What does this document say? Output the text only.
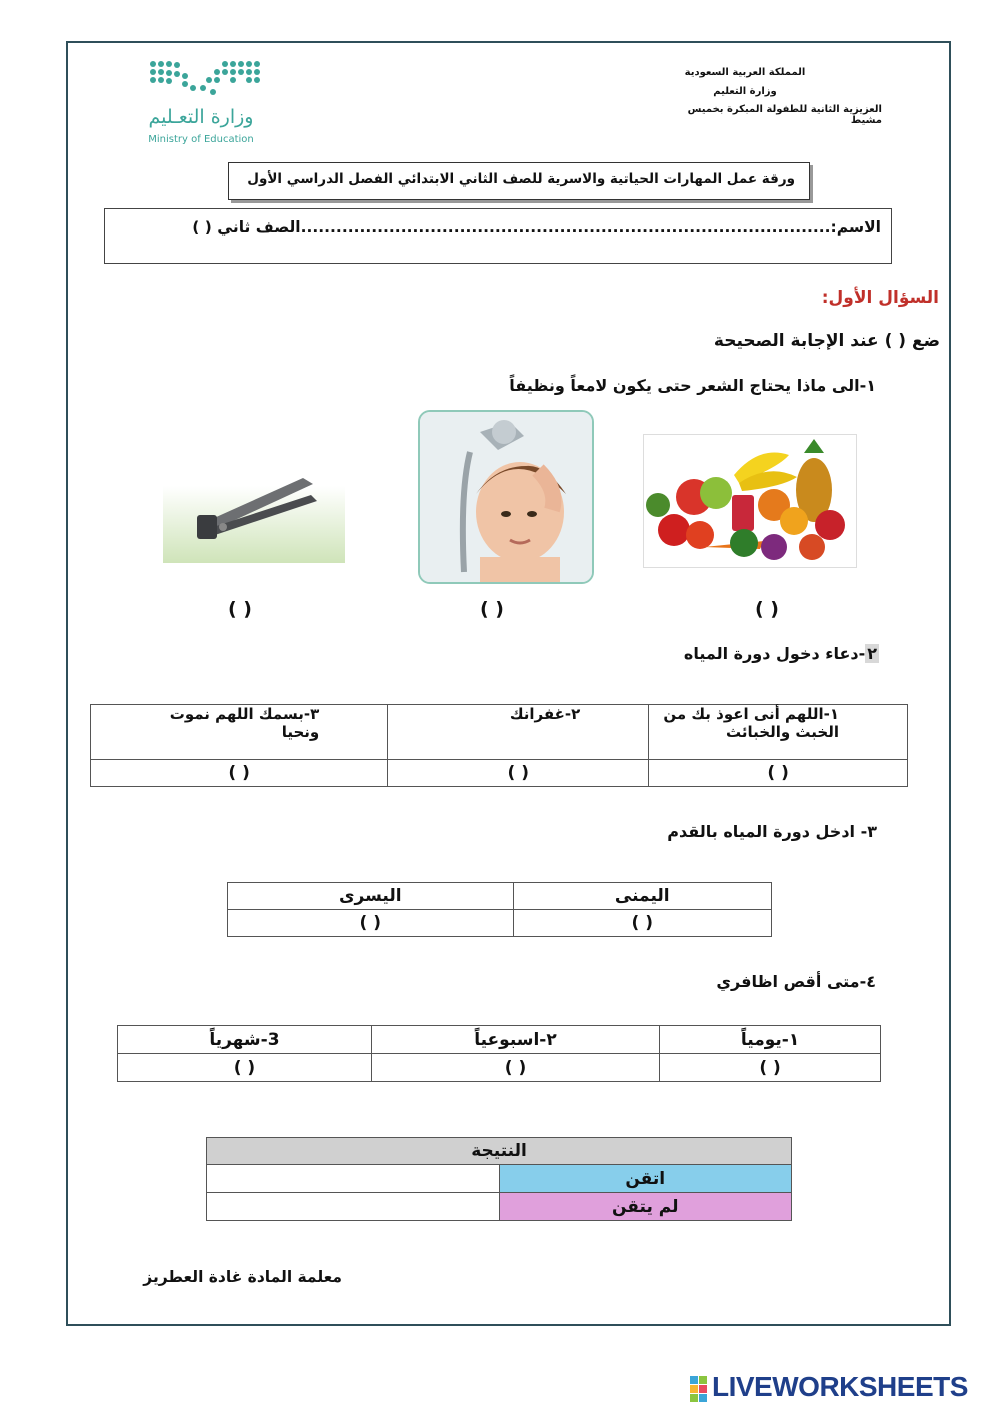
وزارة التعـليم
Ministry of Education
المملكة العربية السعودية
وزارة التعليم
العزيزية الثانية للطفولة المبكرة بخميس مشيط
ورقة عمل المهارات الحياتية والاسرية للصف الثاني الابتدائي الفصل الدراسي الأول
الاسم:..........................................................................................الصف ثاني ( )
السؤال الأول:
ضع ( ) عند الإجابة الصحيحة
١-الى ماذا يحتاج الشعر حتى يكون لامعاً ونظيفاً
( )
( )
( )
٢-دعاء دخول دورة المياه
١-اللهم أنى اعوذ بك من الخبث والخبائث	٢-غفرانك	٣-بسمك اللهم نموت ونحيا
( )	( )	( )
٣- ادخل دورة المياه بالقدم
اليمنى	اليسرى
( )	( )
٤-متى أقص اظافري
١-يومياً	٢-اسبوعياً	3-شهرياً
( )	( )	( )
النتيجة	
اتقن	
لم يتقن	
معلمة المادة غادة العطريز
LIVEWORKSHEETS
